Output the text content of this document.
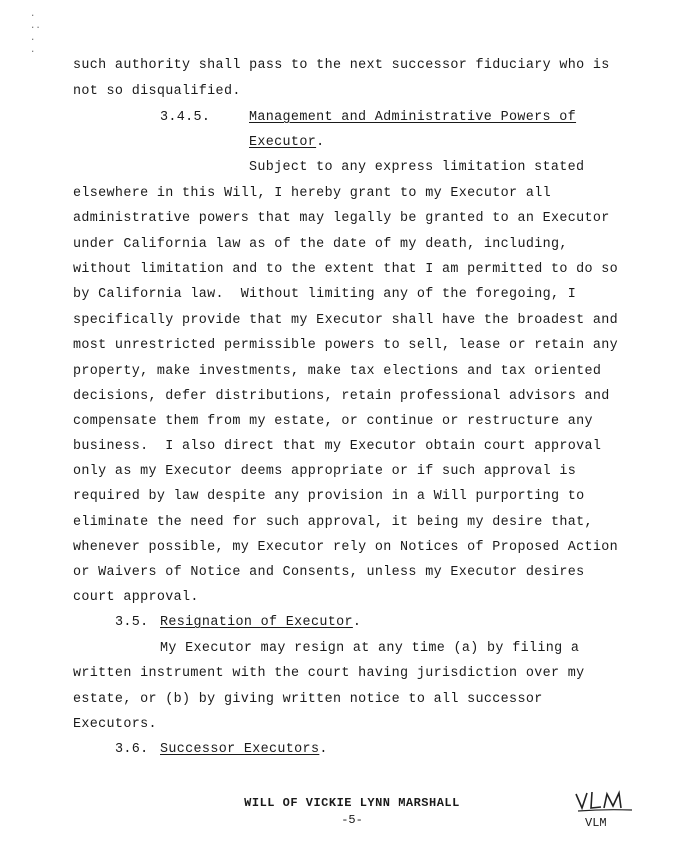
·
··
·
·
such authority shall pass to the next successor fiduciary who is
not so disqualified.
3.4.5.	Management and Administrative Powers of
Executor.
Subject to any express limitation stated
elsewhere in this Will, I hereby grant to my Executor all
administrative powers that may legally be granted to an Executor
under California law as of the date of my death, including,
without limitation and to the extent that I am permitted to do so
by California law.  Without limiting any of the foregoing, I
specifically provide that my Executor shall have the broadest and
most unrestricted permissible powers to sell, lease or retain any
property, make investments, make tax elections and tax oriented
decisions, defer distributions, retain professional advisors and
compensate them from my estate, or continue or restructure any
business.  I also direct that my Executor obtain court approval
only as my Executor deems appropriate or if such approval is
required by law despite any provision in a Will purporting to
eliminate the need for such approval, it being my desire that,
whenever possible, my Executor rely on Notices of Proposed Action
or Waivers of Notice and Consents, unless my Executor desires
court approval.
3.5. Resignation of Executor.
My Executor may resign at any time (a) by filing a
written instrument with the court having jurisdiction over my
estate, or (b) by giving written notice to all successor
Executors.
3.6. Successor Executors.
WILL OF VICKIE LYNN MARSHALL
-5-	VLM
